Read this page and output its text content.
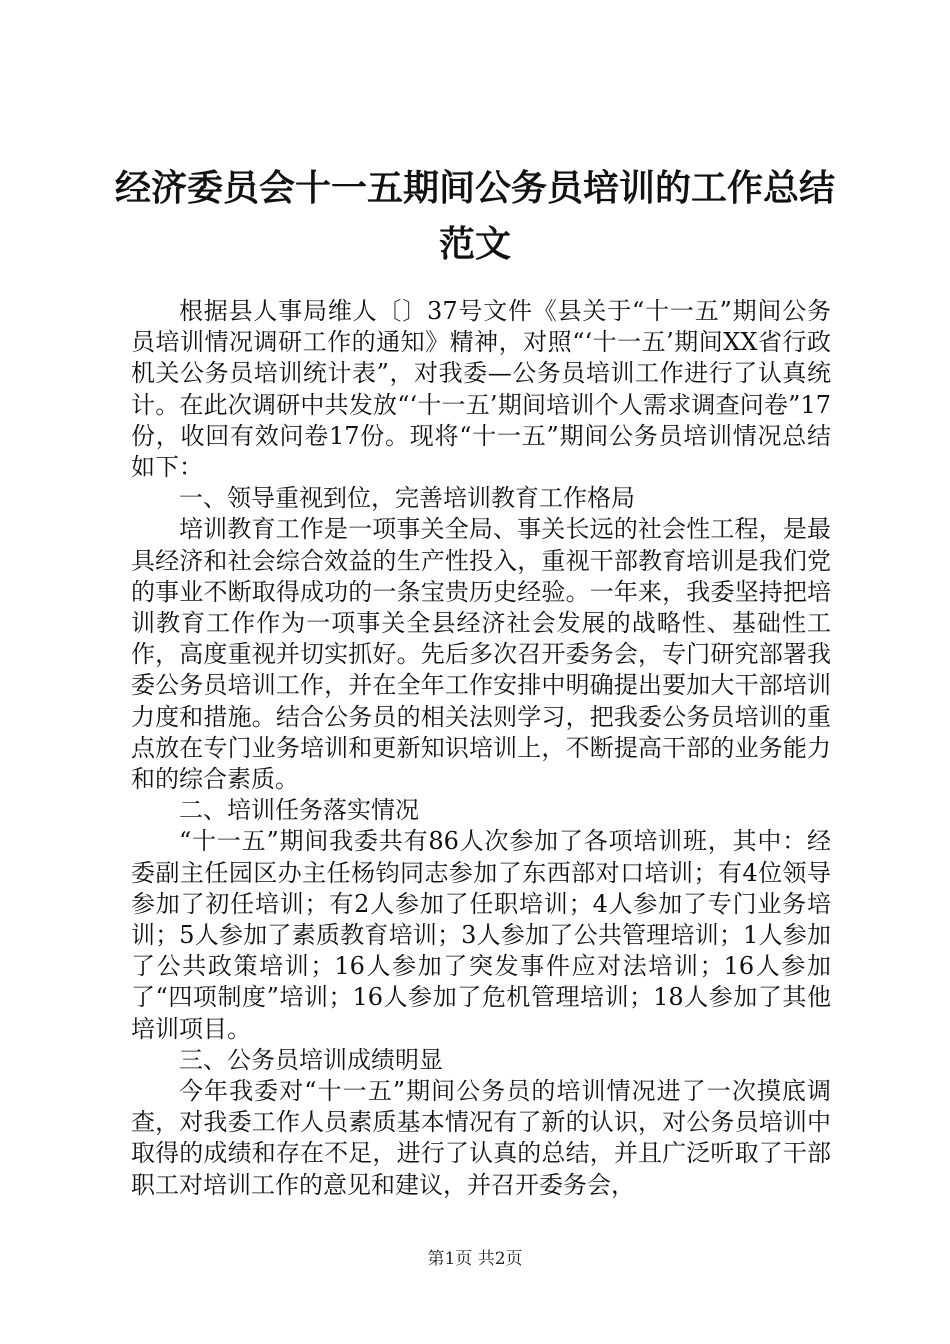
经济委员会十一五期间公务员培训的工作总结
范文

根据县人事局维人〔〕37号文件《县关于“十一五”期间公务员培训情况调研工作的通知》精神，对照“‘十一五’期间XX省行政机关公务员培训统计表”，对我委—公务员培训工作进行了认真统计。在此次调研中共发放“‘十一五’期间培训个人需求调查问卷”17份，收回有效问卷17份。现将“十一五”期间公务员培训情况总结如下：

一、领导重视到位，完善培训教育工作格局

培训教育工作是一项事关全局、事关长远的社会性工程，是最具经济和社会综合效益的生产性投入，重视干部教育培训是我们党的事业不断取得成功的一条宝贵历史经验。一年来，我委坚持把培训教育工作作为一项事关全县经济社会发展的战略性、基础性工作，高度重视并切实抓好。先后多次召开委务会，专门研究部署我委公务员培训工作，并在全年工作安排中明确提出要加大干部培训力度和措施。结合公务员的相关法则学习，把我委公务员培训的重点放在专门业务培训和更新知识培训上，不断提高干部的业务能力和的综合素质。

二、培训任务落实情况

“十一五”期间我委共有86人次参加了各项培训班，其中：经委副主任园区办主任杨钧同志参加了东西部对口培训；有4位领导参加了初任培训；有2人参加了任职培训；4人参加了专门业务培训；5人参加了素质教育培训；3人参加了公共管理培训；1人参加了公共政策培训；16人参加了突发事件应对法培训；16人参加了“四项制度”培训；16人参加了危机管理培训；18人参加了其他培训项目。

三、公务员培训成绩明显

今年我委对“十一五”期间公务员的培训情况进了一次摸底调查，对我委工作人员素质基本情况有了新的认识，对公务员培训中取得的成绩和存在不足，进行了认真的总结，并且广泛听取了干部职工对培训工作的意见和建议，并召开委务会，

第1页 共2页
